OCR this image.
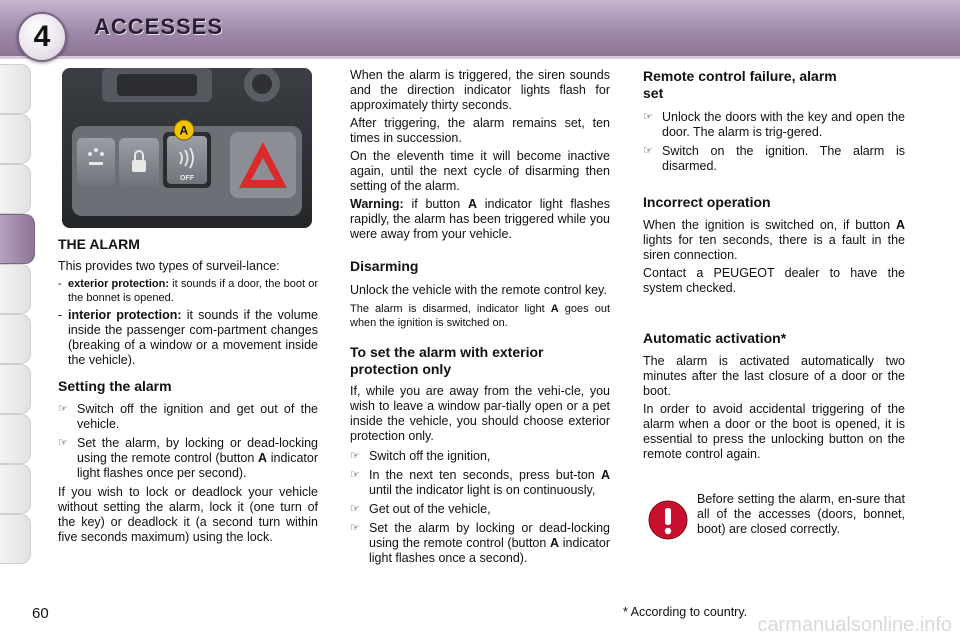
4	ACCESSES
OFF
A
THE ALARM

This provides two types of surveil-lance:

- exterior protection: it sounds if a door, the boot or the bonnet is opened.
- interior protection: it sounds if the volume inside the passenger com-partment changes (breaking of a window or a movement inside the vehicle).
Setting the alarm
☞ Switch off the ignition and get out of the vehicle.
☞ Set the alarm, by locking or dead-locking using the remote control (button A indicator light flashes once per second).

If you wish to lock or deadlock your vehicle without setting the alarm, lock it (one turn of the key) or deadlock it (a second turn within five seconds maximum) using the lock.

When the alarm is triggered, the siren sounds and the direction indicator lights flash for approximately thirty seconds.

After triggering, the alarm remains set, ten times in succession.

On the eleventh time it will become inactive again, until the next cycle of disarming then setting of the alarm.

Warning: if button A indicator light flashes rapidly, the alarm has been triggered while you were away from your vehicle.

Disarming

Unlock the vehicle with the remote control key.

The alarm is disarmed, indicator light A goes out when the ignition is switched on.

To set the alarm with exterior protection only

If, while you are away from the vehi-cle, you wish to leave a window par-tially open or a pet inside the vehicle, you should choose exterior protection only.

☞ Switch off the ignition,
☞ In the next ten seconds, press but-ton A until the indicator light is on continuously,
☞ Get out of the vehicle,
☞ Set the alarm by locking or dead-locking using the remote control (button A indicator light flashes once a second).
Remote control failure, alarm set
☞ Unlock the doors with the key and open the door. The alarm is trig-gered.
☞ Switch on the ignition. The alarm is disarmed.
Incorrect operation

When the ignition is switched on, if button A lights for ten seconds, there is a fault in the siren connection.

Contact a PEUGEOT dealer to have the system checked.

Automatic activation*

The alarm is activated automatically two minutes after the last closure of a door or the boot.

In order to avoid accidental triggering of the alarm when a door or the boot is opened, it is essential to press the unlocking button on the remote control again.

Before setting the alarm, en-sure that all of the accesses (doors, bonnet, boot) are closed correctly.
60	* According to country.
carmanualsonline.info
